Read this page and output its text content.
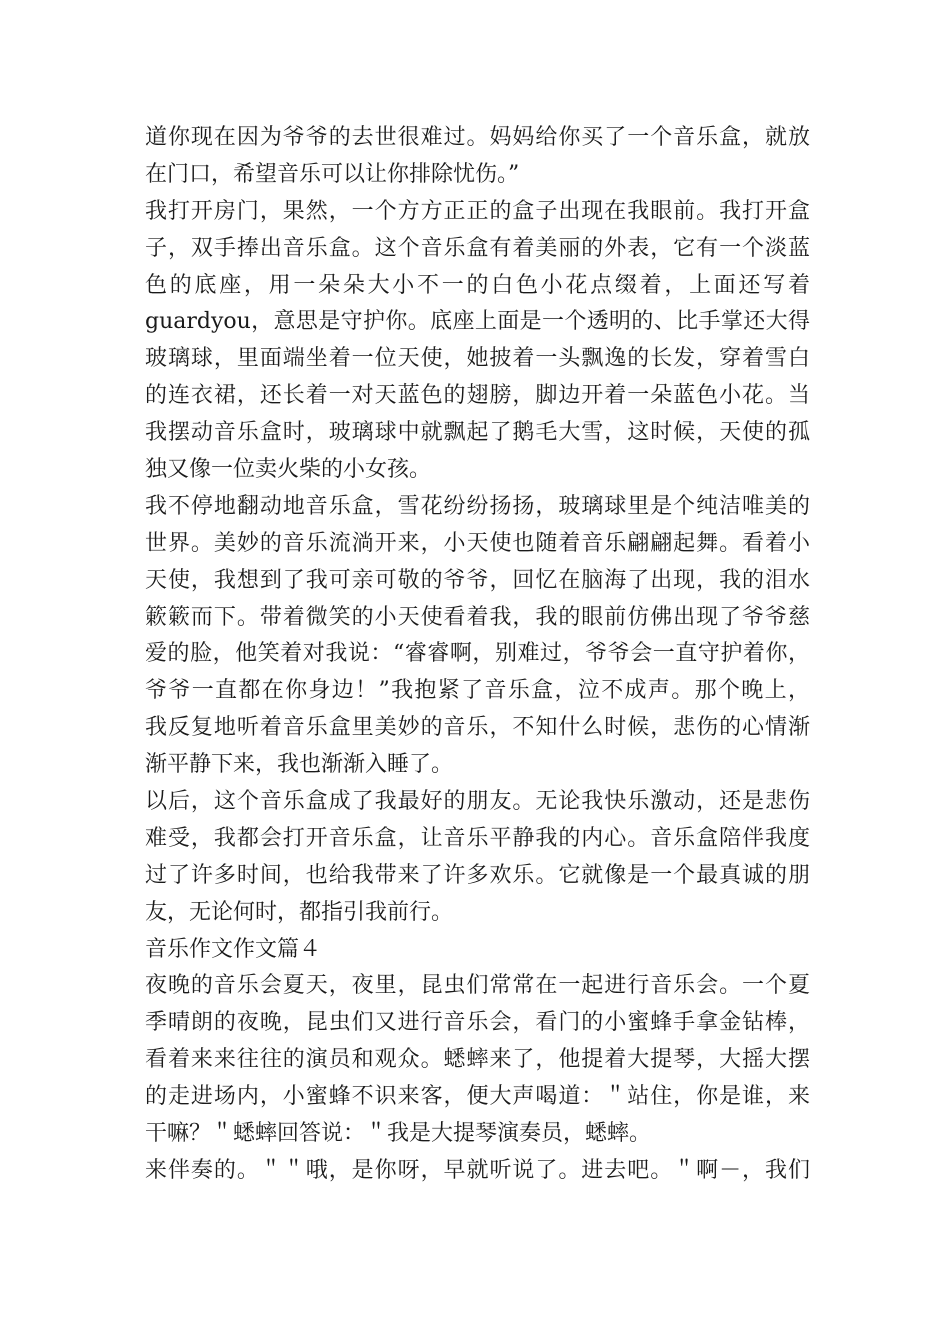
道你现在因为爷爷的去世很难过。妈妈给你买了一个音乐盒，就放
在门口，希望音乐可以让你排除忧伤。”
我打开房门，果然，一个方方正正的盒子出现在我眼前。我打开盒
子，双手捧出音乐盒。这个音乐盒有着美丽的外表，它有一个淡蓝
色的底座，用一朵朵大小不一的白色小花点缀着，上面还写着
guardyou，意思是守护你。底座上面是一个透明的、比手掌还大得
玻璃球，里面端坐着一位天使，她披着一头飘逸的长发，穿着雪白
的连衣裙，还长着一对天蓝色的翅膀，脚边开着一朵蓝色小花。当
我摆动音乐盒时，玻璃球中就飘起了鹅毛大雪，这时候，天使的孤
独又像一位卖火柴的小女孩。
我不停地翻动地音乐盒，雪花纷纷扬扬，玻璃球里是个纯洁唯美的
世界。美妙的音乐流淌开来，小天使也随着音乐翩翩起舞。看着小
天使，我想到了我可亲可敬的爷爷，回忆在脑海了出现，我的泪水
簌簌而下。带着微笑的小天使看着我，我的眼前仿佛出现了爷爷慈
爱的脸，他笑着对我说：“睿睿啊，别难过，爷爷会一直守护着你，
爷爷一直都在你身边！”我抱紧了音乐盒，泣不成声。那个晚上，
我反复地听着音乐盒里美妙的音乐，不知什么时候，悲伤的心情渐
渐平静下来，我也渐渐入睡了。
以后，这个音乐盒成了我最好的朋友。无论我快乐激动，还是悲伤
难受，我都会打开音乐盒，让音乐平静我的内心。音乐盒陪伴我度
过了许多时间，也给我带来了许多欢乐。它就像是一个最真诚的朋
友，无论何时，都指引我前行。
音乐作文作文篇４
夜晚的音乐会夏天，夜里，昆虫们常常在一起进行音乐会。一个夏
季晴朗的夜晚，昆虫们又进行音乐会，看门的小蜜蜂手拿金钻棒，
看着来来往往的演员和观众。蟋蟀来了，他提着大提琴，大摇大摆
的走进场内，小蜜蜂不识来客，便大声喝道：＂站住，你是谁，来
干嘛？＂蟋蟀回答说：＂我是大提琴演奏员，蟋蟀。
来伴奏的。＂＂哦，是你呀，早就听说了。进去吧。＂啊－，我们
